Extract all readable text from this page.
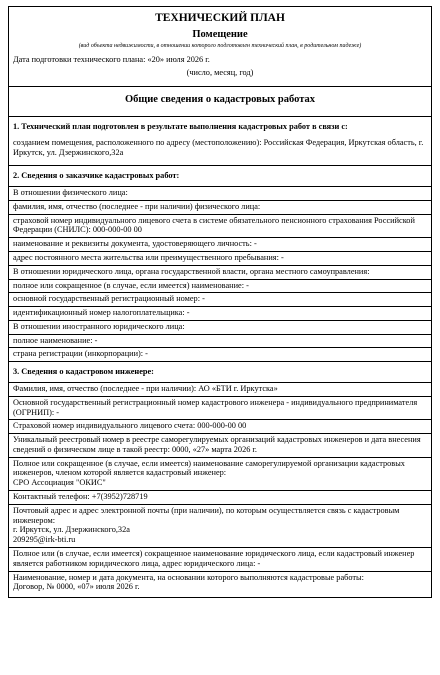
ТЕХНИЧЕСКИЙ ПЛАН
Помещение
(вид объекта недвижимости, в отношении которого подготовлен технический план, в родительном падеже)
Дата подготовки технического плана: «20» июля 2026 г.
(число, месяц, год)
Общие сведения о кадастровых работах
1. Технический план подготовлен в результате выполнения кадастровых работ в связи с:
созданием помещения, расположенного по адресу (местоположению): Российская Федерация, Иркутская область, г. Иркутск, ул. Дзержинского,32а
2. Сведения о заказчике кадастровых работ:
В отношении физического лица:
фамилия, имя, отчество (последнее - при наличии) физического лица:
страховой номер индивидуального лицевого счета в системе обязательного пенсионного страхования Российской Федерации (СНИЛС): 000-000-00 00
наименование и реквизиты документа, удостоверяющего личность: -
адрес постоянного места жительства или преимущественного пребывания: -
В отношении юридического лица, органа государственной власти, органа местного самоуправления:
полное или сокращенное (в случае, если имеется) наименование: -
основной государственный регистрационный номер: -
идентификационный номер налогоплательщика: -
В отношении иностранного юридического лица:
полное наименование: -
страна регистрации (инкорпорации): -
3. Сведения о кадастровом инженере:
Фамилия, имя, отчество (последнее - при наличии): АО «БТИ г. Иркутска»
Основной государственный регистрационный номер кадастрового инженера - индивидуального предпринимателя (ОГРНИП): -
Страховой номер индивидуального лицевого счета: 000-000-00 00
Уникальный реестровый номер в реестре саморегулируемых организаций кадастровых инженеров и дата внесения сведений о физическом лице в такой реестр: 0000, «27» марта 2026 г.
Полное или сокращенное (в случае, если имеется) наименование саморегулируемой организации кадастровых инженеров, членом которой является кадастровый инженер:
СРО Ассоциация "ОКИС"
Контактный телефон: +7(3952)728719
Почтовый адрес и адрес электронной почты (при наличии), по которым осуществляется связь с кадастровым инженером:
г. Иркутск, ул. Дзержинского,32а
209295@irk-bti.ru
Полное или (в случае, если имеется) сокращенное наименование юридического лица, если кадастровый инженер является работником юридического лица, адрес юридического лица: -
Наименование, номер и дата документа, на основании которого выполняются кадастровые работы:
Договор, № 0000, «07» июля 2026 г.
